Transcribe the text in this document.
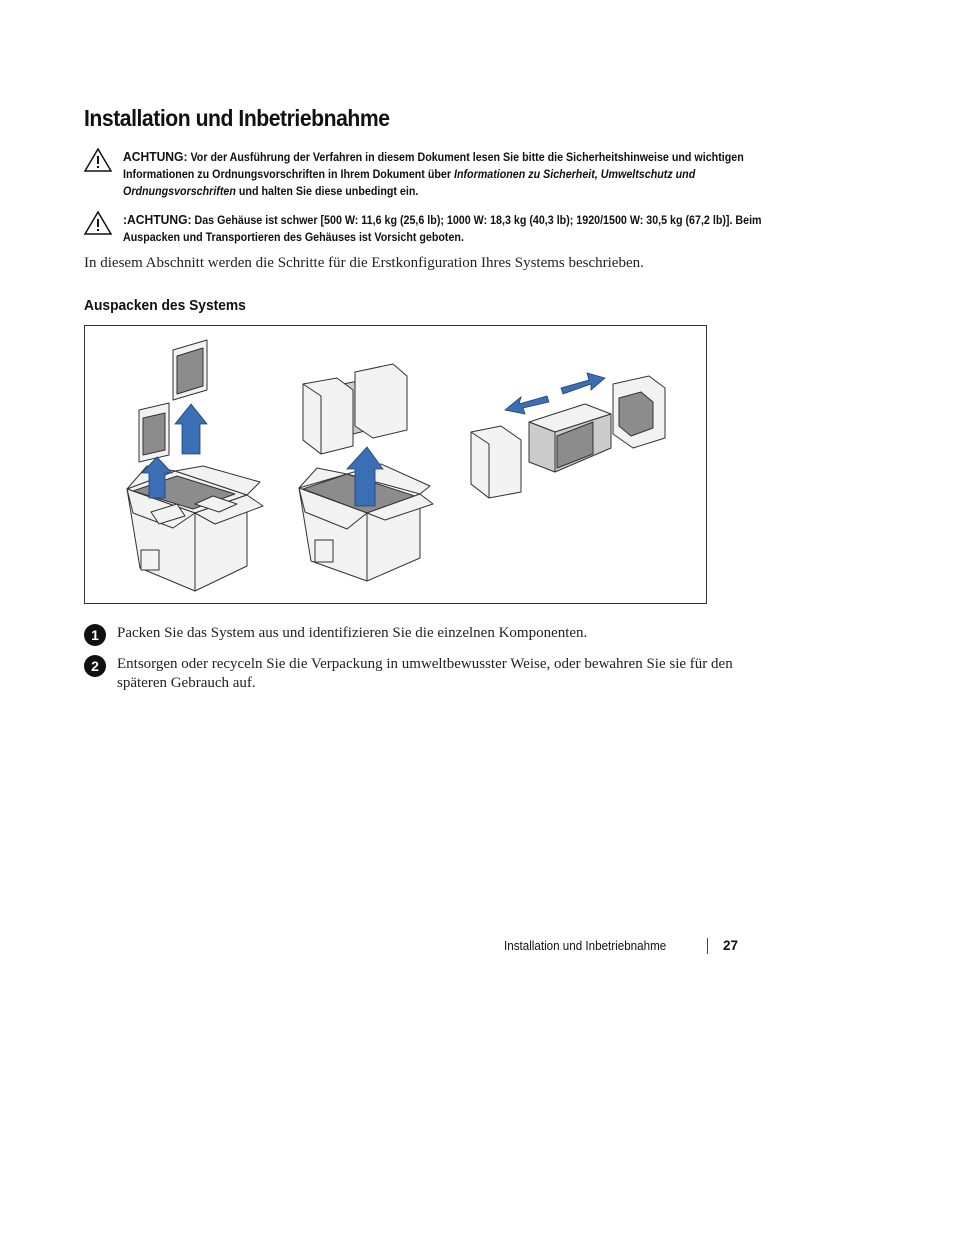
Installation und Inbetriebnahme
ACHTUNG: Vor der Ausführung der Verfahren in diesem Dokument lesen Sie bitte die Sicherheitshinweise und wichtigen Informationen zu Ordnungsvorschriften in Ihrem Dokument über Informationen zu Sicherheit, Umweltschutz und Ordnungsvorschriften und halten Sie diese unbedingt ein.
:ACHTUNG: Das Gehäuse ist schwer [500 W: 11,6 kg (25,6 lb); 1000 W: 18,3 kg (40,3 lb); 1920/1500 W: 30,5 kg (67,2 lb)]. Beim Auspacken und Transportieren des Gehäuses ist Vorsicht geboten.

In diesem Abschnitt werden die Schritte für die Erstkonfiguration Ihres Systems beschrieben.

Auspacken des Systems
1	Packen Sie das System aus und identifizieren Sie die einzelnen Komponenten.
2	Entsorgen oder recyceln Sie die Verpackung in umweltbewusster Weise, oder bewahren Sie sie für den späteren Gebrauch auf.
Installation und Inbetriebnahme	27
